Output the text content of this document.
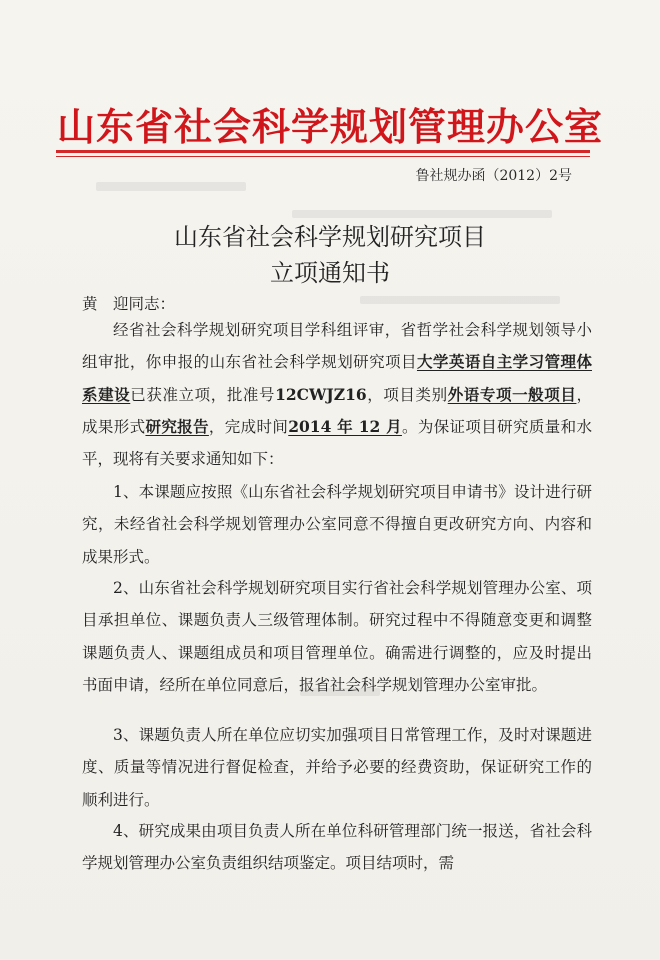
山东省社会科学规划管理办公室
鲁社规办函（2012）2号
山东省社会科学规划研究项目
立项通知书
黄　迎同志：

经省社会科学规划研究项目学科组评审，省哲学社会科学规划领导小组审批，你申报的山东省社会科学规划研究项目大学英语自主学习管理体系建设已获准立项，批准号12CWJZ16，项目类别外语专项一般项目，成果形式研究报告，完成时间2014 年 12 月。为保证项目研究质量和水平，现将有关要求通知如下：

1、本课题应按照《山东省社会科学规划研究项目申请书》设计进行研究，未经省社会科学规划管理办公室同意不得擅自更改研究方向、内容和成果形式。

2、山东省社会科学规划研究项目实行省社会科学规划管理办公室、项目承担单位、课题负责人三级管理体制。研究过程中不得随意变更和调整课题负责人、课题组成员和项目管理单位。确需进行调整的，应及时提出书面申请，经所在单位同意后，报省社会科学规划管理办公室审批。

3、课题负责人所在单位应切实加强项目日常管理工作，及时对课题进度、质量等情况进行督促检查，并给予必要的经费资助，保证研究工作的顺利进行。

4、研究成果由项目负责人所在单位科研管理部门统一报送，省社会科学规划管理办公室负责组织结项鉴定。项目结项时，需
